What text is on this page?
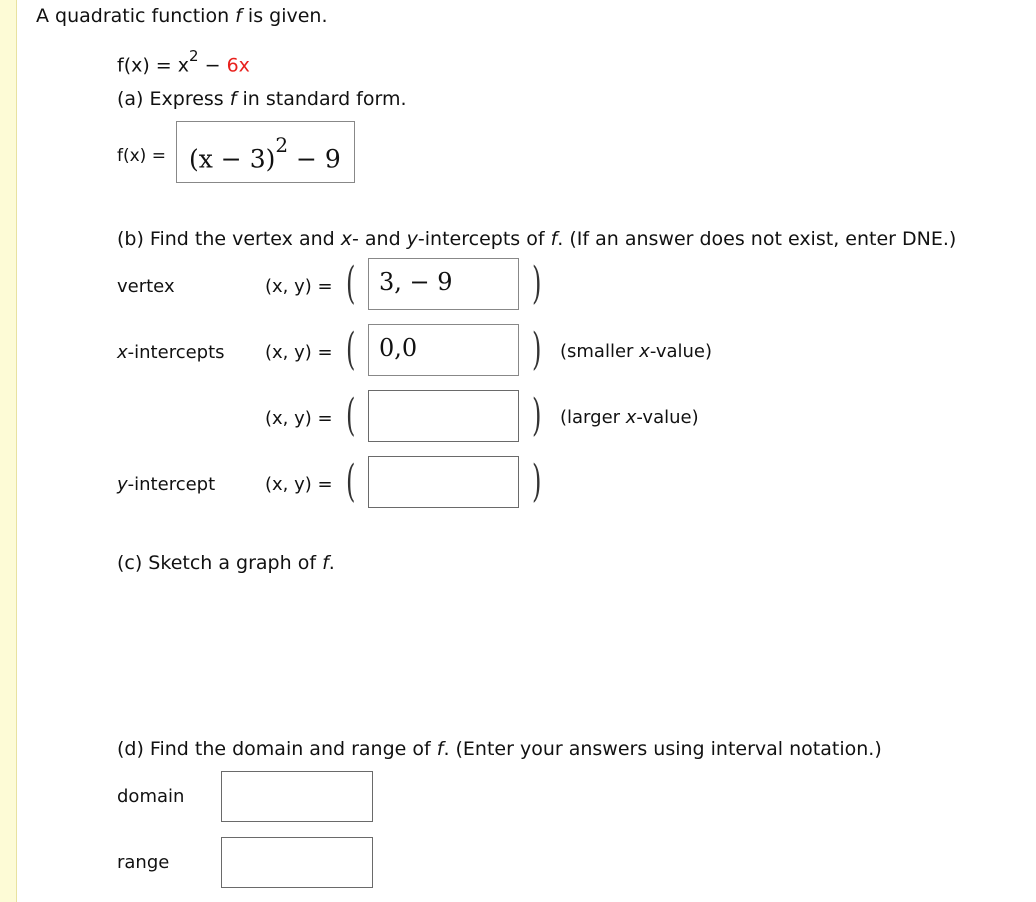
A quadratic function f is given.
$f(x) = x^2 - 6x$
(a) Express f in standard form.
$f(x) = (x - 3)^2 - 9$
(b) Find the vertex and x- and y-intercepts of f. (If an answer does not exist, enter DNE.)
vertex	(x, y) = ( 3, − 9 )
x-intercepts (x, y) = ( 0,0	) (smaller x-value)
(x, y) = (	) (larger x-value)
y-intercept	(x, y) = (	)
(c) Sketch a graph of f.
(d) Find the domain and range of f. (Enter your answers using interval notation.)
domain
range
